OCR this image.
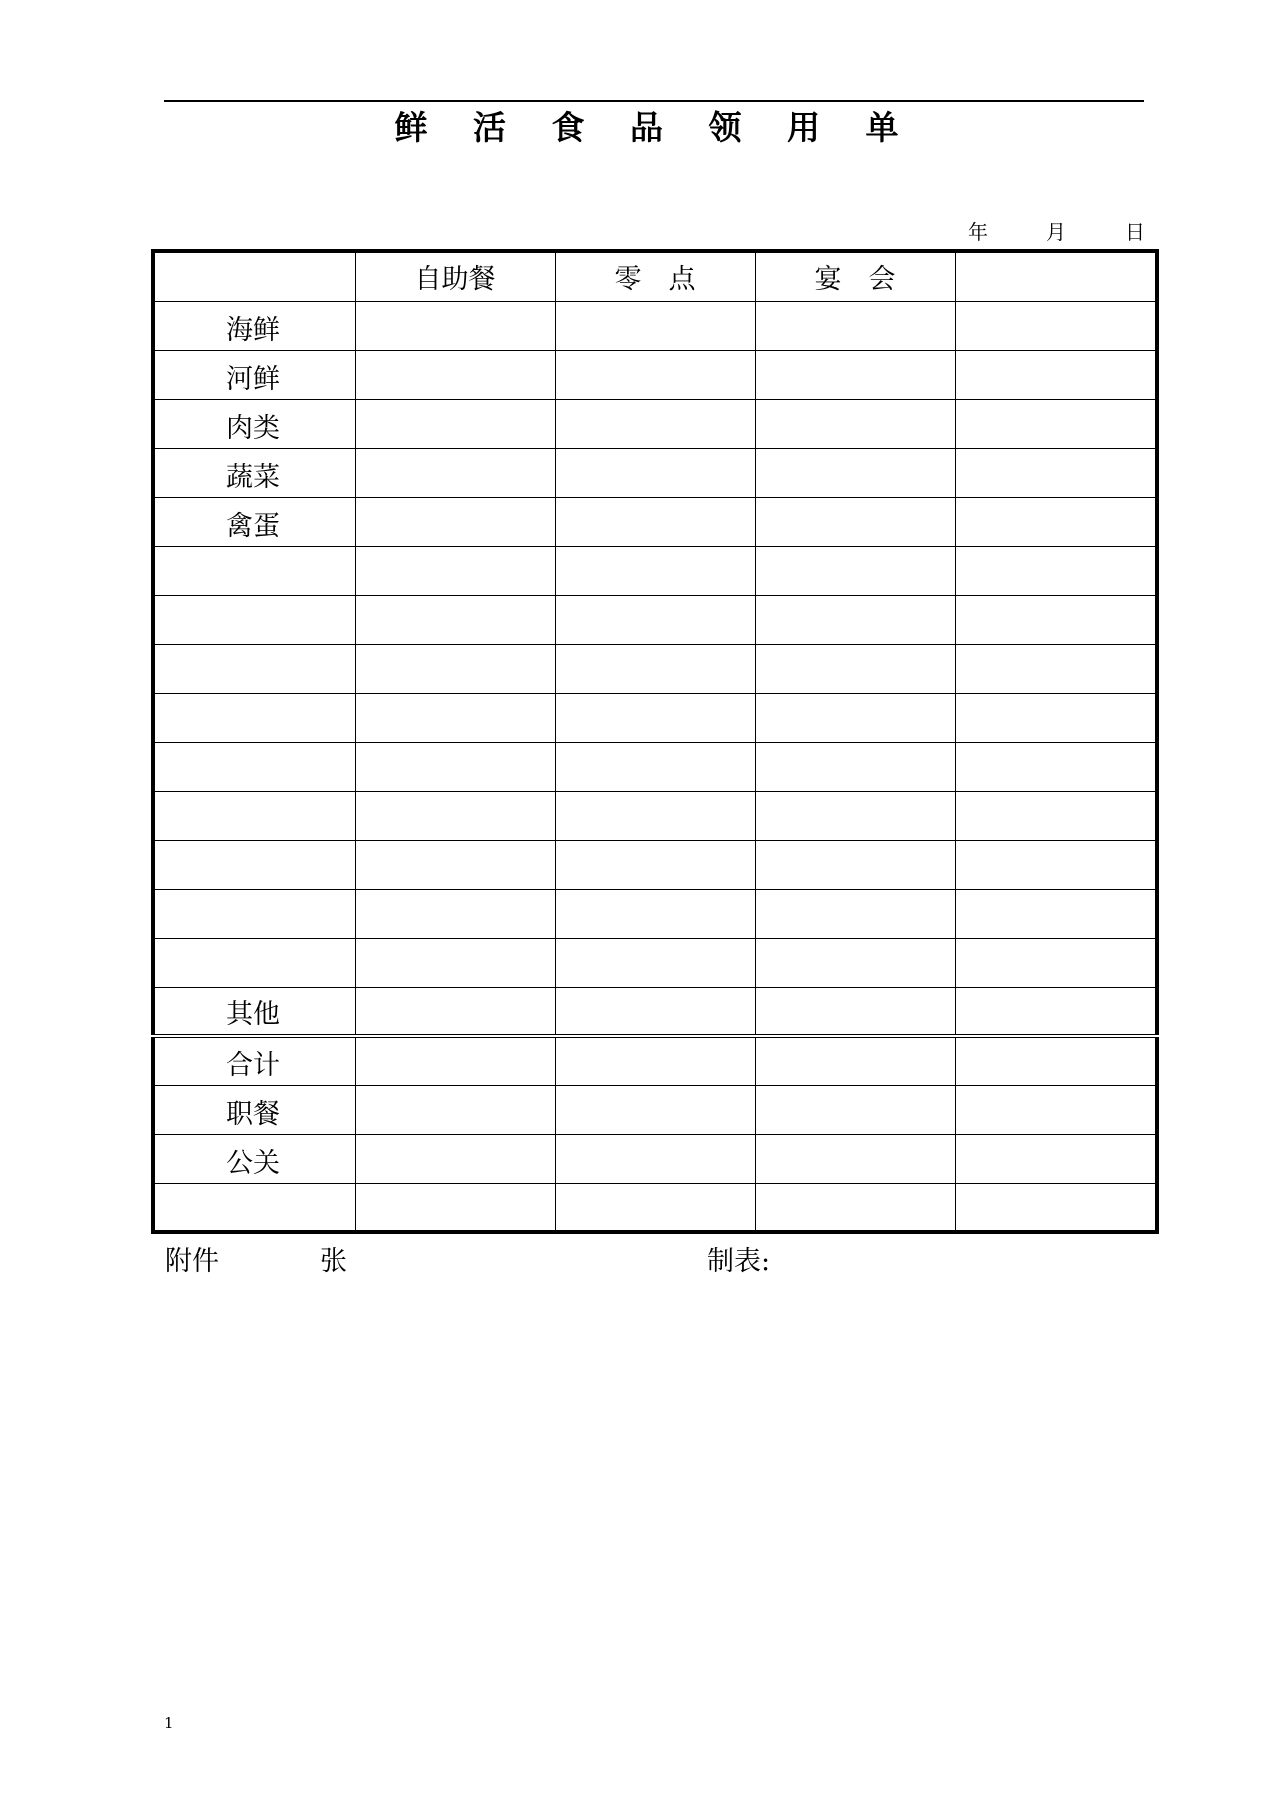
鲜 活 食 品 领 用 单
年	月	日
	自助餐	零　点	宴　会	
海鲜				
河鲜				
肉类				
蔬菜				
禽蛋				

其他				
合计				
职餐				
公关				

附件	张	制表:
1
